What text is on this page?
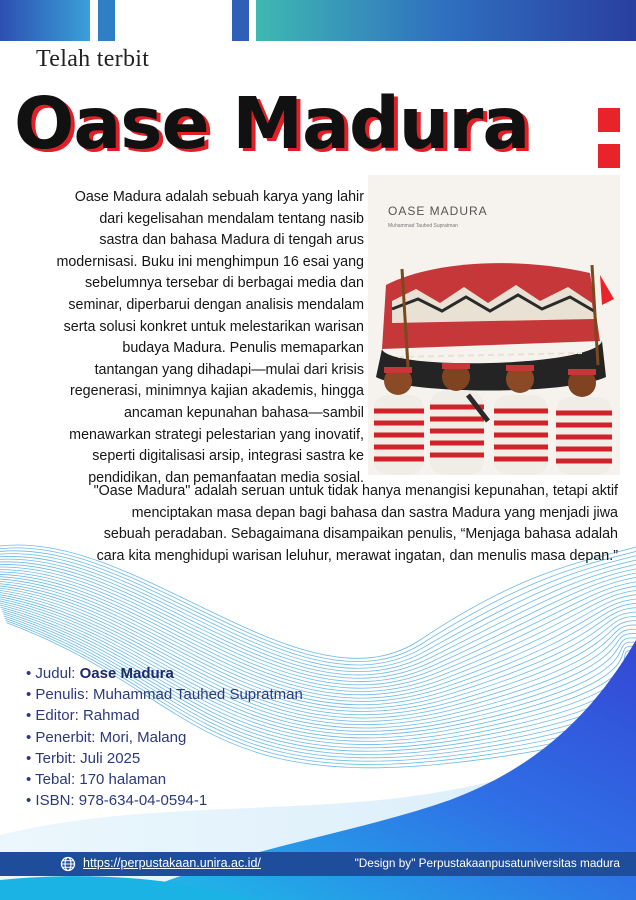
Telah terbit
Oase Madura
OASE MADURA
Muhammad Tauhed Supratman
Oase Madura adalah sebuah karya yang lahir
dari kegelisahan mendalam tentang nasib
sastra dan bahasa Madura di tengah arus
modernisasi. Buku ini menghimpun 16 esai yang
sebelumnya tersebar di berbagai media dan
seminar, diperbarui dengan analisis mendalam
serta solusi konkret untuk melestarikan warisan
budaya Madura. Penulis memaparkan
tantangan yang dihadapi—mulai dari krisis
regenerasi, minimnya kajian akademis, hingga
ancaman kepunahan bahasa—sambil
menawarkan strategi pelestarian yang inovatif,
seperti digitalisasi arsip, integrasi sastra ke
pendidikan, dan pemanfaatan media sosial.
"Oase Madura" adalah seruan untuk tidak hanya menangisi kepunahan, tetapi aktif
menciptakan masa depan bagi bahasa dan sastra Madura yang menjadi jiwa
sebuah peradaban. Sebagaimana disampaikan penulis, “Menjaga bahasa adalah
cara kita menghidupi warisan leluhur, merawat ingatan, dan menulis masa depan.”
• Judul: Oase Madura
• Penulis: Muhammad Tauhed Supratman
• Editor: Rahmad
• Penerbit: Mori, Malang
• Terbit: Juli 2025
• Tebal: 170 halaman
• ISBN: 978-634-04-0594-1
https://perpustakaan.unira.ac.id/	"Design by" Perpustakaanpusatuniversitas madura
